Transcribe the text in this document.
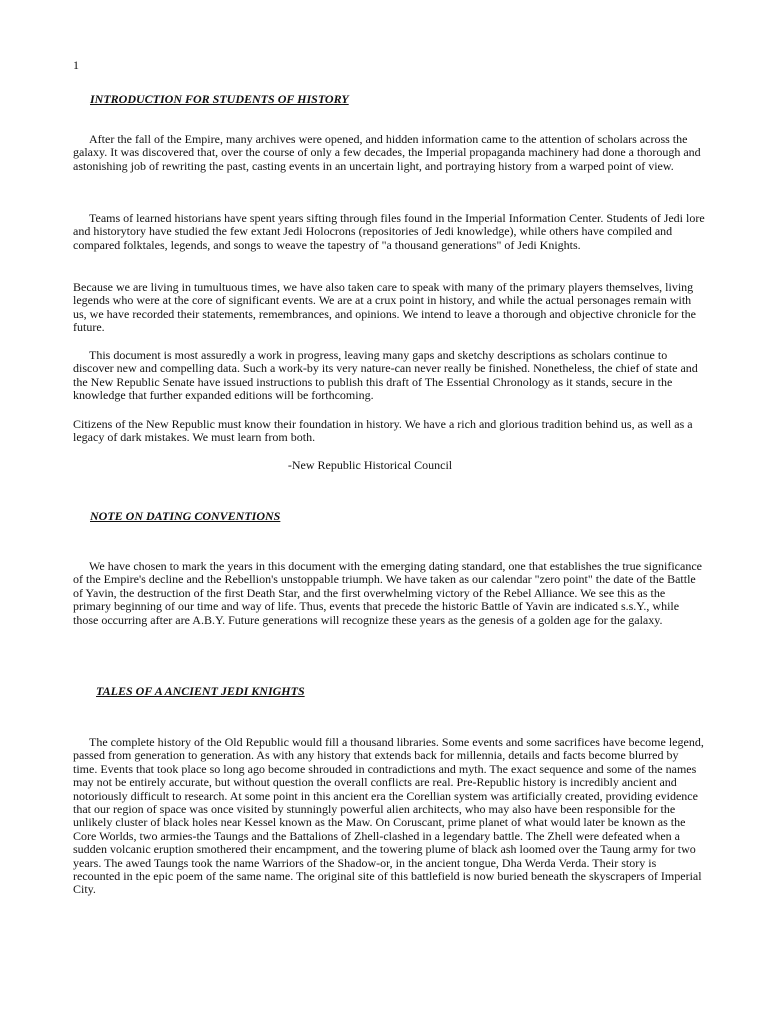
1
INTRODUCTION FOR STUDENTS OF HISTORY

After the fall of the Empire, many archives were opened, and hidden information came to the attention of scholars across the galaxy. It was discovered that, over the course of only a few decades, the Imperial propaganda machinery had done a thorough and astonishing job of rewriting the past, casting events in an uncertain light, and portraying history from a warped point of view.

Teams of learned historians have spent years sifting through files found in the Imperial Information Center. Students of Jedi lore and historytory have studied the few extant Jedi Holocrons (repositories of Jedi knowledge), while others have compiled and compared folktales, legends, and songs to weave the tapestry of "a thousand generations" of Jedi Knights.

Because we are living in tumultuous times, we have also taken care to speak with many of the primary players themselves, living legends who were at the core of significant events. We are at a crux point in history, and while the actual personages remain with us, we have recorded their statements, remembrances, and opinions. We intend to leave a thorough and objective chronicle for the future.

This document is most assuredly a work in progress, leaving many gaps and sketchy descriptions as scholars continue to discover new and compelling data. Such a work-by its very nature-can never really be finished. Nonetheless, the chief of state and the New Republic Senate have issued instructions to publish this draft of The Essential Chronology as it stands, secure in the knowledge that further expanded editions will be forthcoming.

Citizens of the New Republic must know their foundation in history. We have a rich and glorious tradition behind us, as well as a legacy of dark mistakes. We must learn from both.

-New Republic Historical Council
NOTE ON DATING CONVENTIONS

We have chosen to mark the years in this document with the emerging dating standard, one that establishes the true significance of the Empire's decline and the Rebellion's unstoppable triumph. We have taken as our calendar "zero point" the date of the Battle of Yavin, the destruction of the first Death Star, and the first overwhelming victory of the Rebel Alliance. We see this as the primary beginning of our time and way of life. Thus, events that precede the historic Battle of Yavin are indicated s.s.Y., while those occurring after are A.B.Y. Future generations will recognize these years as the genesis of a golden age for the galaxy.

TALES OF A ANCIENT JEDI KNIGHTS

The complete history of the Old Republic would fill a thousand libraries. Some events and some sacrifices have become legend, passed from generation to generation. As with any history that extends back for millennia, details and facts become blurred by time. Events that took place so long ago become shrouded in contradictions and myth. The exact sequence and some of the names may not be entirely accurate, but without question the overall conflicts are real. Pre-Republic history is incredibly ancient and notoriously difficult to research. At some point in this ancient era the Corellian system was artificially created, providing evidence that our region of space was once visited by stunningly powerful alien architects, who may also have been responsible for the unlikely cluster of black holes near Kessel known as the Maw. On Coruscant, prime planet of what would later be known as the Core Worlds, two armies-the Taungs and the Battalions of Zhell-clashed in a legendary battle. The Zhell were defeated when a sudden volcanic eruption smothered their encampment, and the towering plume of black ash loomed over the Taung army for two years. The awed Taungs took the name Warriors of the Shadow-or, in the ancient tongue, Dha Werda Verda. Their story is recounted in the epic poem of the same name. The original site of this battlefield is now buried beneath the skyscrapers of Imperial City.
